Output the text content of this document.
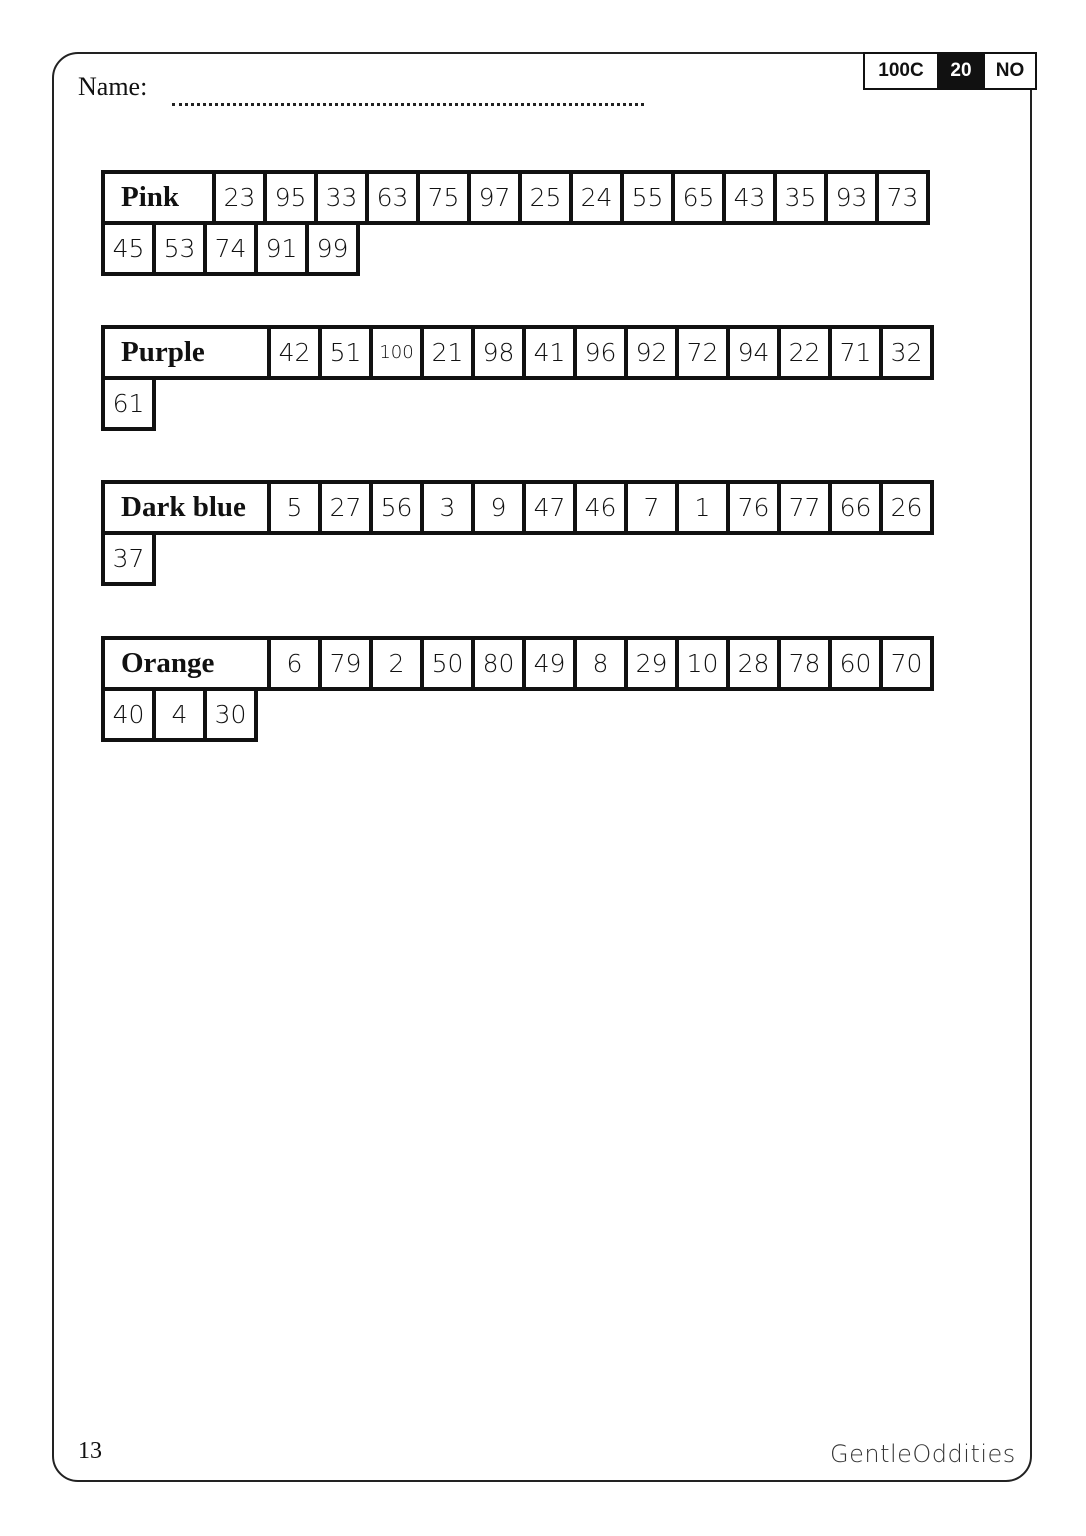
100C	20	NO
Name:
Pink	23 95 33 63 75 97 25 24 55 65 43 35 93 73
45 53 74 91 99
Purple	42 51 100 21 98 41 96 92 72 94 22 71 32
61
Dark blue	5	27 56	3	9	47 46	7	1	76 77 66 26
37
Orange	6	79	2	50 80 49	8	29 10 28 78 60 70
40	4	30
13	GentleOddities
